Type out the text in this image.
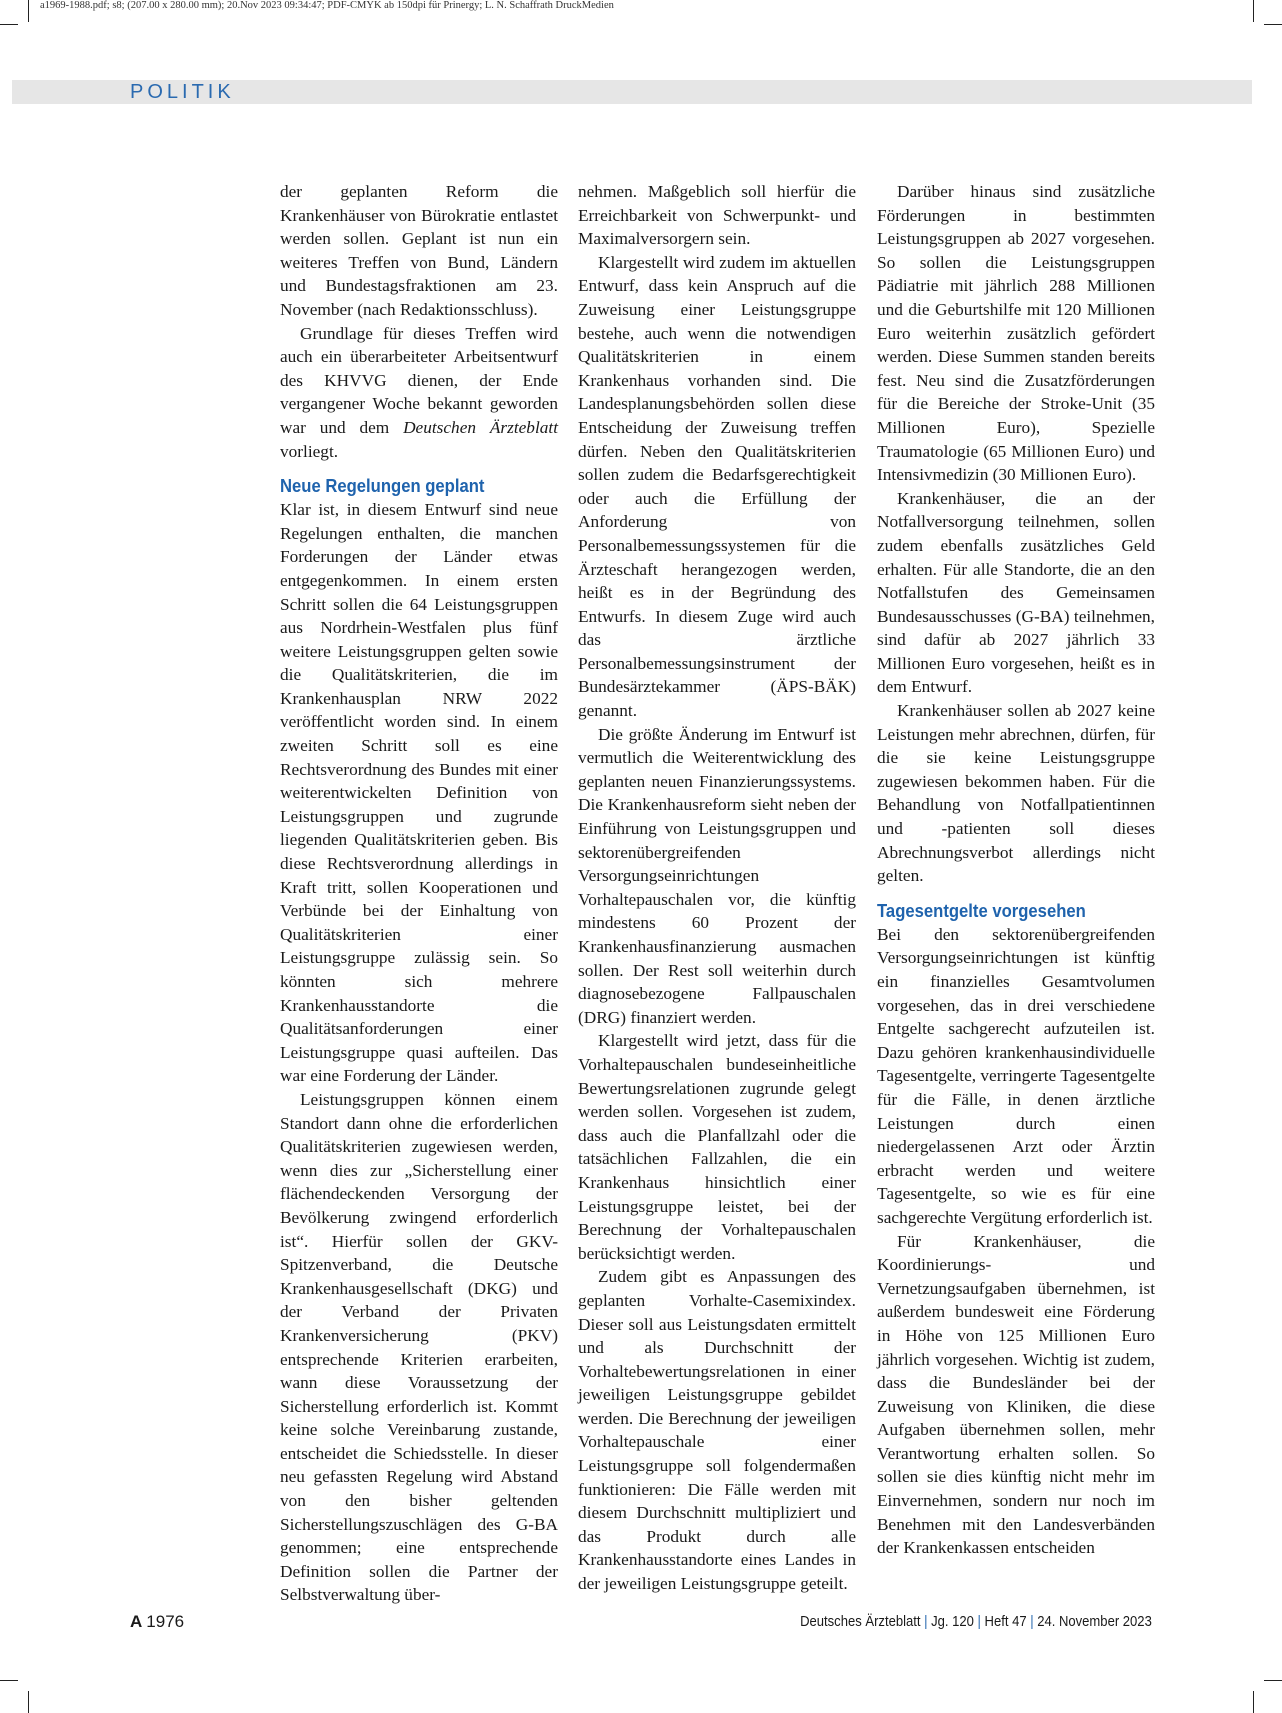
a1969-1988.pdf; s8; (207.00 x 280.00 mm); 20.Nov 2023 09:34:47; PDF-CMYK ab 150dpi für Prinergy; L. N. Schaffrath DruckMedien
POLITIK

der geplanten Reform die Krankenhäuser von Bürokratie entlastet werden sollen. Geplant ist nun ein weiteres Treffen von Bund, Ländern und Bundestagsfraktionen am 23. November (nach Redaktionsschluss).

Grundlage für dieses Treffen wird auch ein überarbeiteter Arbeitsentwurf des KHVVG dienen, der Ende vergangener Woche bekannt geworden war und dem Deutschen Ärzteblatt vorliegt.

Neue Regelungen geplant

Klar ist, in diesem Entwurf sind neue Regelungen enthalten, die manchen Forderungen der Länder etwas entgegenkommen. In einem ersten Schritt sollen die 64 Leistungsgruppen aus Nordrhein-Westfalen plus fünf weitere Leistungsgruppen gelten sowie die Qualitätskriterien, die im Krankenhausplan NRW 2022 veröffentlicht worden sind. In einem zweiten Schritt soll es eine Rechtsverordnung des Bundes mit einer weiterentwickelten Definition von Leistungsgruppen und zugrunde liegenden Qualitätskriterien geben. Bis diese Rechtsverordnung allerdings in Kraft tritt, sollen Kooperationen und Verbünde bei der Einhaltung von Qualitätskriterien einer Leistungsgruppe zulässig sein. So könnten sich mehrere Krankenhausstandorte die Qualitätsanforderungen einer Leistungsgruppe quasi aufteilen. Das war eine Forderung der Länder.

Leistungsgruppen können einem Standort dann ohne die erforderlichen Qualitätskriterien zugewiesen werden, wenn dies zur „Sicherstellung einer flächendeckenden Versorgung der Bevölkerung zwingend erforderlich ist“. Hierfür sollen der GKV-Spitzenverband, die Deutsche Krankenhausgesellschaft (DKG) und der Verband der Privaten Krankenversicherung (PKV) entsprechende Kriterien erarbeiten, wann diese Voraussetzung der Sicherstellung erforderlich ist. Kommt keine solche Vereinbarung zustande, entscheidet die Schiedsstelle. In dieser neu gefassten Regelung wird Abstand von den bisher geltenden Sicherstellungszuschlägen des G-BA genommen; eine entsprechende Definition sollen die Partner der Selbstverwaltung über-

nehmen. Maßgeblich soll hierfür die Erreichbarkeit von Schwerpunkt- und Maximalversorgern sein.

Klargestellt wird zudem im aktuellen Entwurf, dass kein Anspruch auf die Zuweisung einer Leistungsgruppe bestehe, auch wenn die notwendigen Qualitätskriterien in einem Krankenhaus vorhanden sind. Die Landesplanungsbehörden sollen diese Entscheidung der Zuweisung treffen dürfen. Neben den Qualitätskriterien sollen zudem die Bedarfsgerechtigkeit oder auch die Erfüllung der Anforderung von Personalbemessungssystemen für die Ärzteschaft herangezogen werden, heißt es in der Begründung des Entwurfs. In diesem Zuge wird auch das ärztliche Personalbemessungsinstrument der Bundesärztekammer (ÄPS-BÄK) genannt.

Die größte Änderung im Entwurf ist vermutlich die Weiterentwicklung des geplanten neuen Finanzierungssystems. Die Krankenhausreform sieht neben der Einführung von Leistungsgruppen und sektorenübergreifenden Versorgungseinrichtungen Vorhaltepauschalen vor, die künftig mindestens 60 Prozent der Krankenhausfinanzierung ausmachen sollen. Der Rest soll weiterhin durch diagnosebezogene Fallpauschalen (DRG) finanziert werden.

Klargestellt wird jetzt, dass für die Vorhaltepauschalen bundeseinheitliche Bewertungsrelationen zugrunde gelegt werden sollen. Vorgesehen ist zudem, dass auch die Planfallzahl oder die tatsächlichen Fallzahlen, die ein Krankenhaus hinsichtlich einer Leistungsgruppe leistet, bei der Berechnung der Vorhaltepauschalen berücksichtigt werden.

Zudem gibt es Anpassungen des geplanten Vorhalte-Casemixindex. Dieser soll aus Leistungsdaten ermittelt und als Durchschnitt der Vorhaltebewertungsrelationen in einer jeweiligen Leistungsgruppe gebildet werden. Die Berechnung der jeweiligen Vorhaltepauschale einer Leistungsgruppe soll folgendermaßen funktionieren: Die Fälle werden mit diesem Durchschnitt multipliziert und das Produkt durch alle Krankenhausstandorte eines Landes in der jeweiligen Leistungsgruppe geteilt.

Darüber hinaus sind zusätzliche Förderungen in bestimmten Leistungsgruppen ab 2027 vorgesehen. So sollen die Leistungsgruppen Pädiatrie mit jährlich 288 Millionen und die Geburtshilfe mit 120 Millionen Euro weiterhin zusätzlich gefördert werden. Diese Summen standen bereits fest. Neu sind die Zusatzförderungen für die Bereiche der Stroke-Unit (35 Millionen Euro), Spezielle Traumatologie (65 Millionen Euro) und Intensivmedizin (30 Millionen Euro).

Krankenhäuser, die an der Notfallversorgung teilnehmen, sollen zudem ebenfalls zusätzliches Geld erhalten. Für alle Standorte, die an den Notfallstufen des Gemeinsamen Bundesausschusses (G-BA) teilnehmen, sind dafür ab 2027 jährlich 33 Millionen Euro vorgesehen, heißt es in dem Entwurf.

Krankenhäuser sollen ab 2027 keine Leistungen mehr abrechnen, dürfen, für die sie keine Leistungsgruppe zugewiesen bekommen haben. Für die Behandlung von Notfallpatientinnen und -patienten soll dieses Abrechnungsverbot allerdings nicht gelten.

Tagesentgelte vorgesehen

Bei den sektorenübergreifenden Versorgungseinrichtungen ist künftig ein finanzielles Gesamtvolumen vorgesehen, das in drei verschiedene Entgelte sachgerecht aufzuteilen ist. Dazu gehören krankenhausindividuelle Tagesentgelte, verringerte Tagesentgelte für die Fälle, in denen ärztliche Leistungen durch einen niedergelassenen Arzt oder Ärztin erbracht werden und weitere Tagesentgelte, so wie es für eine sachgerechte Vergütung erforderlich ist.

Für Krankenhäuser, die Koordinierungs- und Vernetzungsaufgaben übernehmen, ist außerdem bundesweit eine Förderung in Höhe von 125 Millionen Euro jährlich vorgesehen. Wichtig ist zudem, dass die Bundesländer bei der Zuweisung von Kliniken, die diese Aufgaben übernehmen sollen, mehr Verantwortung erhalten sollen. So sollen sie dies künftig nicht mehr im Einvernehmen, sondern nur noch im Benehmen mit den Landesverbänden der Krankenkassen entscheiden

A 1976	Deutsches Ärzteblatt | Jg. 120 | Heft 47 | 24. November 2023
